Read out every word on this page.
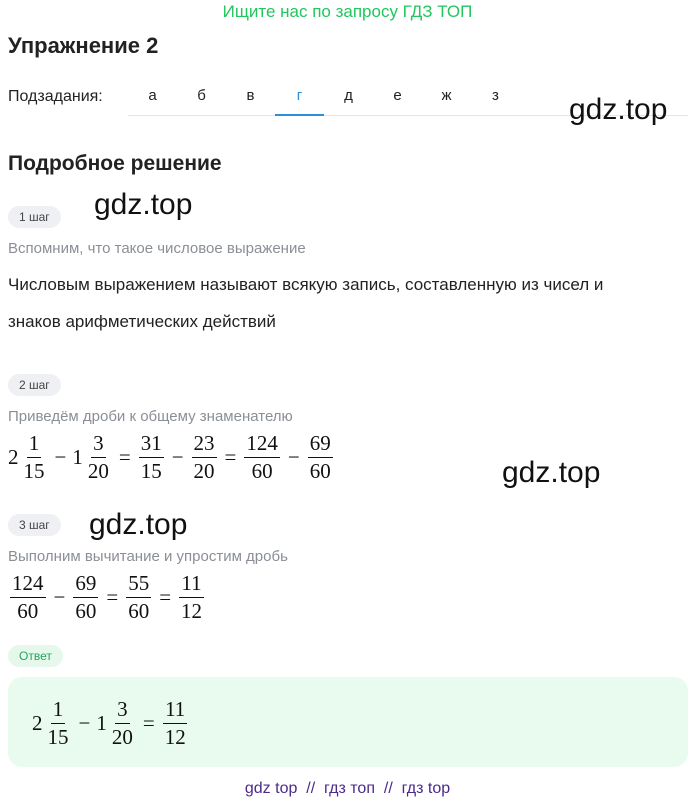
Ищите нас по запросу ГДЗ ТОП
Упражнение 2
Подзадания:	а	б	в	г	д	е	ж	з	gdz.top
Подробное решение
1 шаг	gdz.top
Вспомним, что такое числовое выражение
Числовым выражением называют всякую запись, составленную из чисел и
знаков арифметических действий
2 шаг
Приведём дроби к общему знаменателю
$2 \frac{1}{15} - 1 \frac{3}{20} = \frac{31}{15} - \frac{23}{20} = \frac{124}{60} - \frac{69}{60}$	gdz.top
3 шаг	gdz.top
Выполним вычитание и упростим дробь
$\frac{124}{60} - \frac{69}{60} = \frac{55}{60} = \frac{11}{12}$
Ответ
$2 \frac{1}{15} - 1 \frac{3}{20} = \frac{11}{12}$
gdz top  //  гдз топ  //  гдз top
